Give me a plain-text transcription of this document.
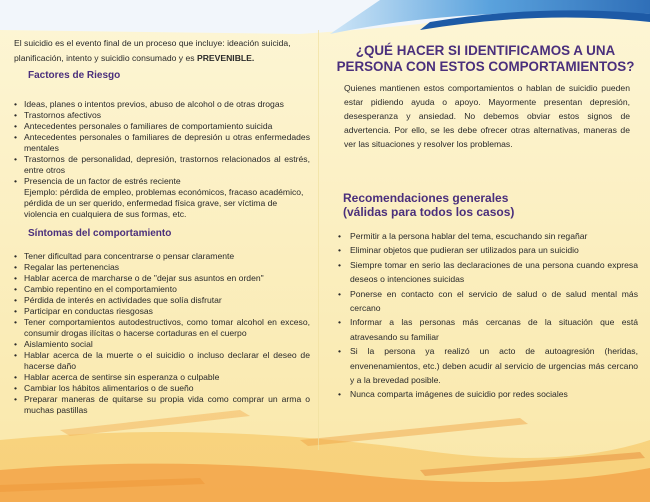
El suicidio es el evento final de un proceso que incluye: ideación suicida, planificación, intento y suicidio consumado y es PREVENIBLE.

Factores de Riesgo
• Ideas, planes o intentos previos, abuso de alcohol o de otras drogas
• Trastornos afectivos
• Antecedentes personales o familiares de comportamiento suicida
• Antecedentes personales o familiares de depresión u otras enfermedades mentales
• Trastornos de personalidad, depresión, trastornos relacionados al estrés, entre otros
• Presencia de un factor de estrés reciente

Ejemplo: pérdida de empleo, problemas económicos, fracaso académico, pérdida de un ser querido, enfermedad física grave, ser víctima de violencia en cualquiera de sus formas, etc.

Síntomas del comportamiento
• Tener dificultad para concentrarse o pensar claramente
• Regalar las pertenencias
• Hablar acerca de marcharse o de "dejar sus asuntos en orden"
• Cambio repentino en el comportamiento
• Pérdida de interés en actividades que solía disfrutar
• Participar en conductas riesgosas
• Tener comportamientos autodestructivos, como tomar alcohol en exceso, consumir drogas ilícitas o hacerse cortaduras en el cuerpo
• Aislamiento social
• Hablar acerca de la muerte o el suicidio o incluso declarar el deseo de hacerse daño
• Hablar acerca de sentirse sin esperanza o culpable
• Cambiar los hábitos alimentarios o de sueño
• Preparar maneras de quitarse su propia vida como comprar un arma o muchas pastillas
¿QUÉ HACER SI IDENTIFICAMOS A UNA
PERSONA CON ESTOS COMPORTAMIENTOS?

Quienes mantienen estos comportamientos o hablan de suicidio pueden estar pidiendo ayuda o apoyo. Mayormente presentan depresión, desesperanza y ansiedad. No debemos obviar estos signos de advertencia. Por ello, se les debe ofrecer otras alternativas, maneras de ver las situaciones y resolver los problemas.

Recomendaciones generales
(válidas para todos los casos)
• Permitir a la persona hablar del tema, escuchando sin regañar
• Eliminar objetos que pudieran ser utilizados para un suicidio
• Siempre tomar en serio las declaraciones de una persona cuando expresa deseos o intenciones suicidas
• Ponerse en contacto con el servicio de salud o de salud mental más cercano
• Informar a las personas más cercanas de la situación que está atravesando su familiar
• Si la persona ya realizó un acto de autoagresión (heridas, envenenamientos, etc.) deben acudir al servicio de urgencias más cercano y a la brevedad posible.
• Nunca comparta imágenes de suicidio por redes sociales
